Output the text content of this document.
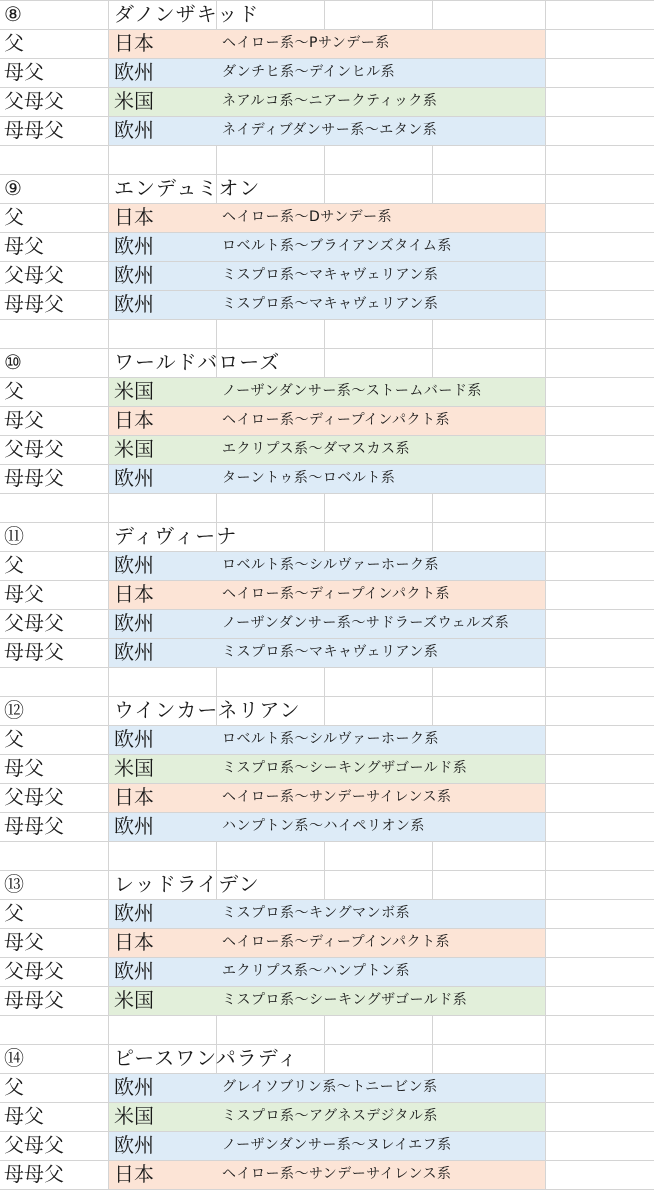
⑧	ダノンザキッド
父	日本	ヘイロー系～Pサンデー系
母父	欧州	ダンチヒ系～デインヒル系
父母父	米国	ネアルコ系～ニアークティック系
母母父	欧州	ネイディブダンサー系～エタン系
⑨	エンデュミオン
父	日本	ヘイロー系～Dサンデー系
母父	欧州	ロベルト系～ブライアンズタイム系
父母父	欧州	ミスプロ系～マキャヴェリアン系
母母父	欧州	ミスプロ系～マキャヴェリアン系
⑩	ワールドバローズ
父	米国	ノーザンダンサー系～ストームバード系
母父	日本	ヘイロー系～ディープインパクト系
父母父	米国	エクリプス系～ダマスカス系
母母父	欧州	ターントゥ系～ロベルト系
⑪	ディヴィーナ
父	欧州	ロベルト系～シルヴァーホーク系
母父	日本	ヘイロー系～ディープインパクト系
父母父	欧州	ノーザンダンサー系～サドラーズウェルズ系
母母父	欧州	ミスプロ系～マキャヴェリアン系
⑫	ウインカーネリアン
父	欧州	ロベルト系～シルヴァーホーク系
母父	米国	ミスプロ系～シーキングザゴールド系
父母父	日本	ヘイロー系～サンデーサイレンス系
母母父	欧州	ハンプトン系～ハイペリオン系
⑬	レッドライデン
父	欧州	ミスプロ系～キングマンボ系
母父	日本	ヘイロー系～ディープインパクト系
父母父	欧州	エクリプス系～ハンプトン系
母母父	米国	ミスプロ系～シーキングザゴールド系
⑭	ピースワンパラディ
父	欧州	グレイソブリン系～トニービン系
母父	米国	ミスプロ系～アグネスデジタル系
父母父	欧州	ノーザンダンサー系～ヌレイエフ系
母母父	日本	ヘイロー系～サンデーサイレンス系
